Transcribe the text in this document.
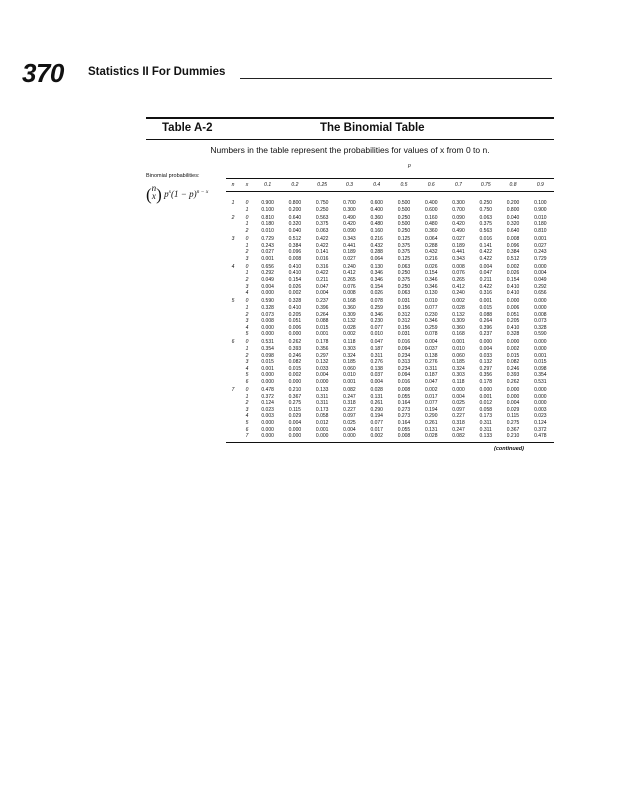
370 Statistics II For Dummies
Table A-2	The Binomial Table
Numbers in the table represent the probabilities for values of x from 0 to n.
Binomial probabilities:
(n
x) $p^x(1 - p)^{n - x}$
p
n	x	0.1	0.2	0.25	0.3	0.4	0.5	0.6	0.7	0.75	0.8	0.9
1	0	0.900	0.800	0.750	0.700	0.600	0.500	0.400	0.300	0.250	0.200	0.100
	1	0.100	0.200	0.250	0.300	0.400	0.500	0.600	0.700	0.750	0.800	0.900
2	0	0.810	0.640	0.563	0.490	0.360	0.250	0.160	0.090	0.063	0.040	0.010
	1	0.180	0.320	0.375	0.420	0.480	0.500	0.480	0.420	0.375	0.320	0.180
	2	0.010	0.040	0.063	0.090	0.160	0.250	0.360	0.490	0.563	0.640	0.810
3	0	0.729	0.512	0.422	0.343	0.216	0.125	0.064	0.027	0.016	0.008	0.001
	1	0.243	0.384	0.422	0.441	0.432	0.375	0.288	0.189	0.141	0.096	0.027
	2	0.027	0.096	0.141	0.189	0.288	0.375	0.432	0.441	0.422	0.384	0.243
	3	0.001	0.008	0.016	0.027	0.064	0.125	0.216	0.343	0.422	0.512	0.729
4	0	0.656	0.410	0.316	0.240	0.130	0.063	0.026	0.008	0.004	0.002	0.000
	1	0.292	0.410	0.422	0.412	0.346	0.250	0.154	0.076	0.047	0.026	0.004
	2	0.049	0.154	0.211	0.265	0.346	0.375	0.346	0.265	0.211	0.154	0.049
	3	0.004	0.026	0.047	0.076	0.154	0.250	0.346	0.412	0.422	0.410	0.292
	4	0.000	0.002	0.004	0.008	0.026	0.063	0.130	0.240	0.316	0.410	0.656
5	0	0.590	0.328	0.237	0.168	0.078	0.031	0.010	0.002	0.001	0.000	0.000
	1	0.328	0.410	0.396	0.360	0.259	0.156	0.077	0.028	0.015	0.006	0.000
	2	0.073	0.205	0.264	0.309	0.346	0.312	0.230	0.132	0.088	0.051	0.008
	3	0.008	0.051	0.088	0.132	0.230	0.312	0.346	0.309	0.264	0.205	0.073
	4	0.000	0.006	0.015	0.028	0.077	0.156	0.259	0.360	0.396	0.410	0.328
	5	0.000	0.000	0.001	0.002	0.010	0.031	0.078	0.168	0.237	0.328	0.590
6	0	0.531	0.262	0.178	0.118	0.047	0.016	0.004	0.001	0.000	0.000	0.000
	1	0.354	0.393	0.356	0.303	0.187	0.094	0.037	0.010	0.004	0.002	0.000
	2	0.098	0.246	0.297	0.324	0.311	0.234	0.138	0.060	0.033	0.015	0.001
	3	0.015	0.082	0.132	0.185	0.276	0.313	0.276	0.185	0.132	0.082	0.015
	4	0.001	0.015	0.033	0.060	0.138	0.234	0.311	0.324	0.297	0.246	0.098
	5	0.000	0.002	0.004	0.010	0.037	0.094	0.187	0.303	0.356	0.393	0.354
	6	0.000	0.000	0.000	0.001	0.004	0.016	0.047	0.118	0.178	0.262	0.531
7	0	0.478	0.210	0.133	0.082	0.028	0.008	0.002	0.000	0.000	0.000	0.000
	1	0.372	0.367	0.311	0.247	0.131	0.055	0.017	0.004	0.001	0.000	0.000
	2	0.124	0.275	0.311	0.318	0.261	0.164	0.077	0.025	0.012	0.004	0.000
	3	0.023	0.115	0.173	0.227	0.290	0.273	0.194	0.097	0.058	0.029	0.003
	4	0.003	0.029	0.058	0.097	0.194	0.273	0.290	0.227	0.173	0.115	0.023
	5	0.000	0.004	0.012	0.025	0.077	0.164	0.261	0.318	0.311	0.275	0.124
	6	0.000	0.000	0.001	0.004	0.017	0.055	0.131	0.247	0.311	0.367	0.372
	7	0.000	0.000	0.000	0.000	0.002	0.008	0.028	0.082	0.133	0.210	0.478
(continued)
